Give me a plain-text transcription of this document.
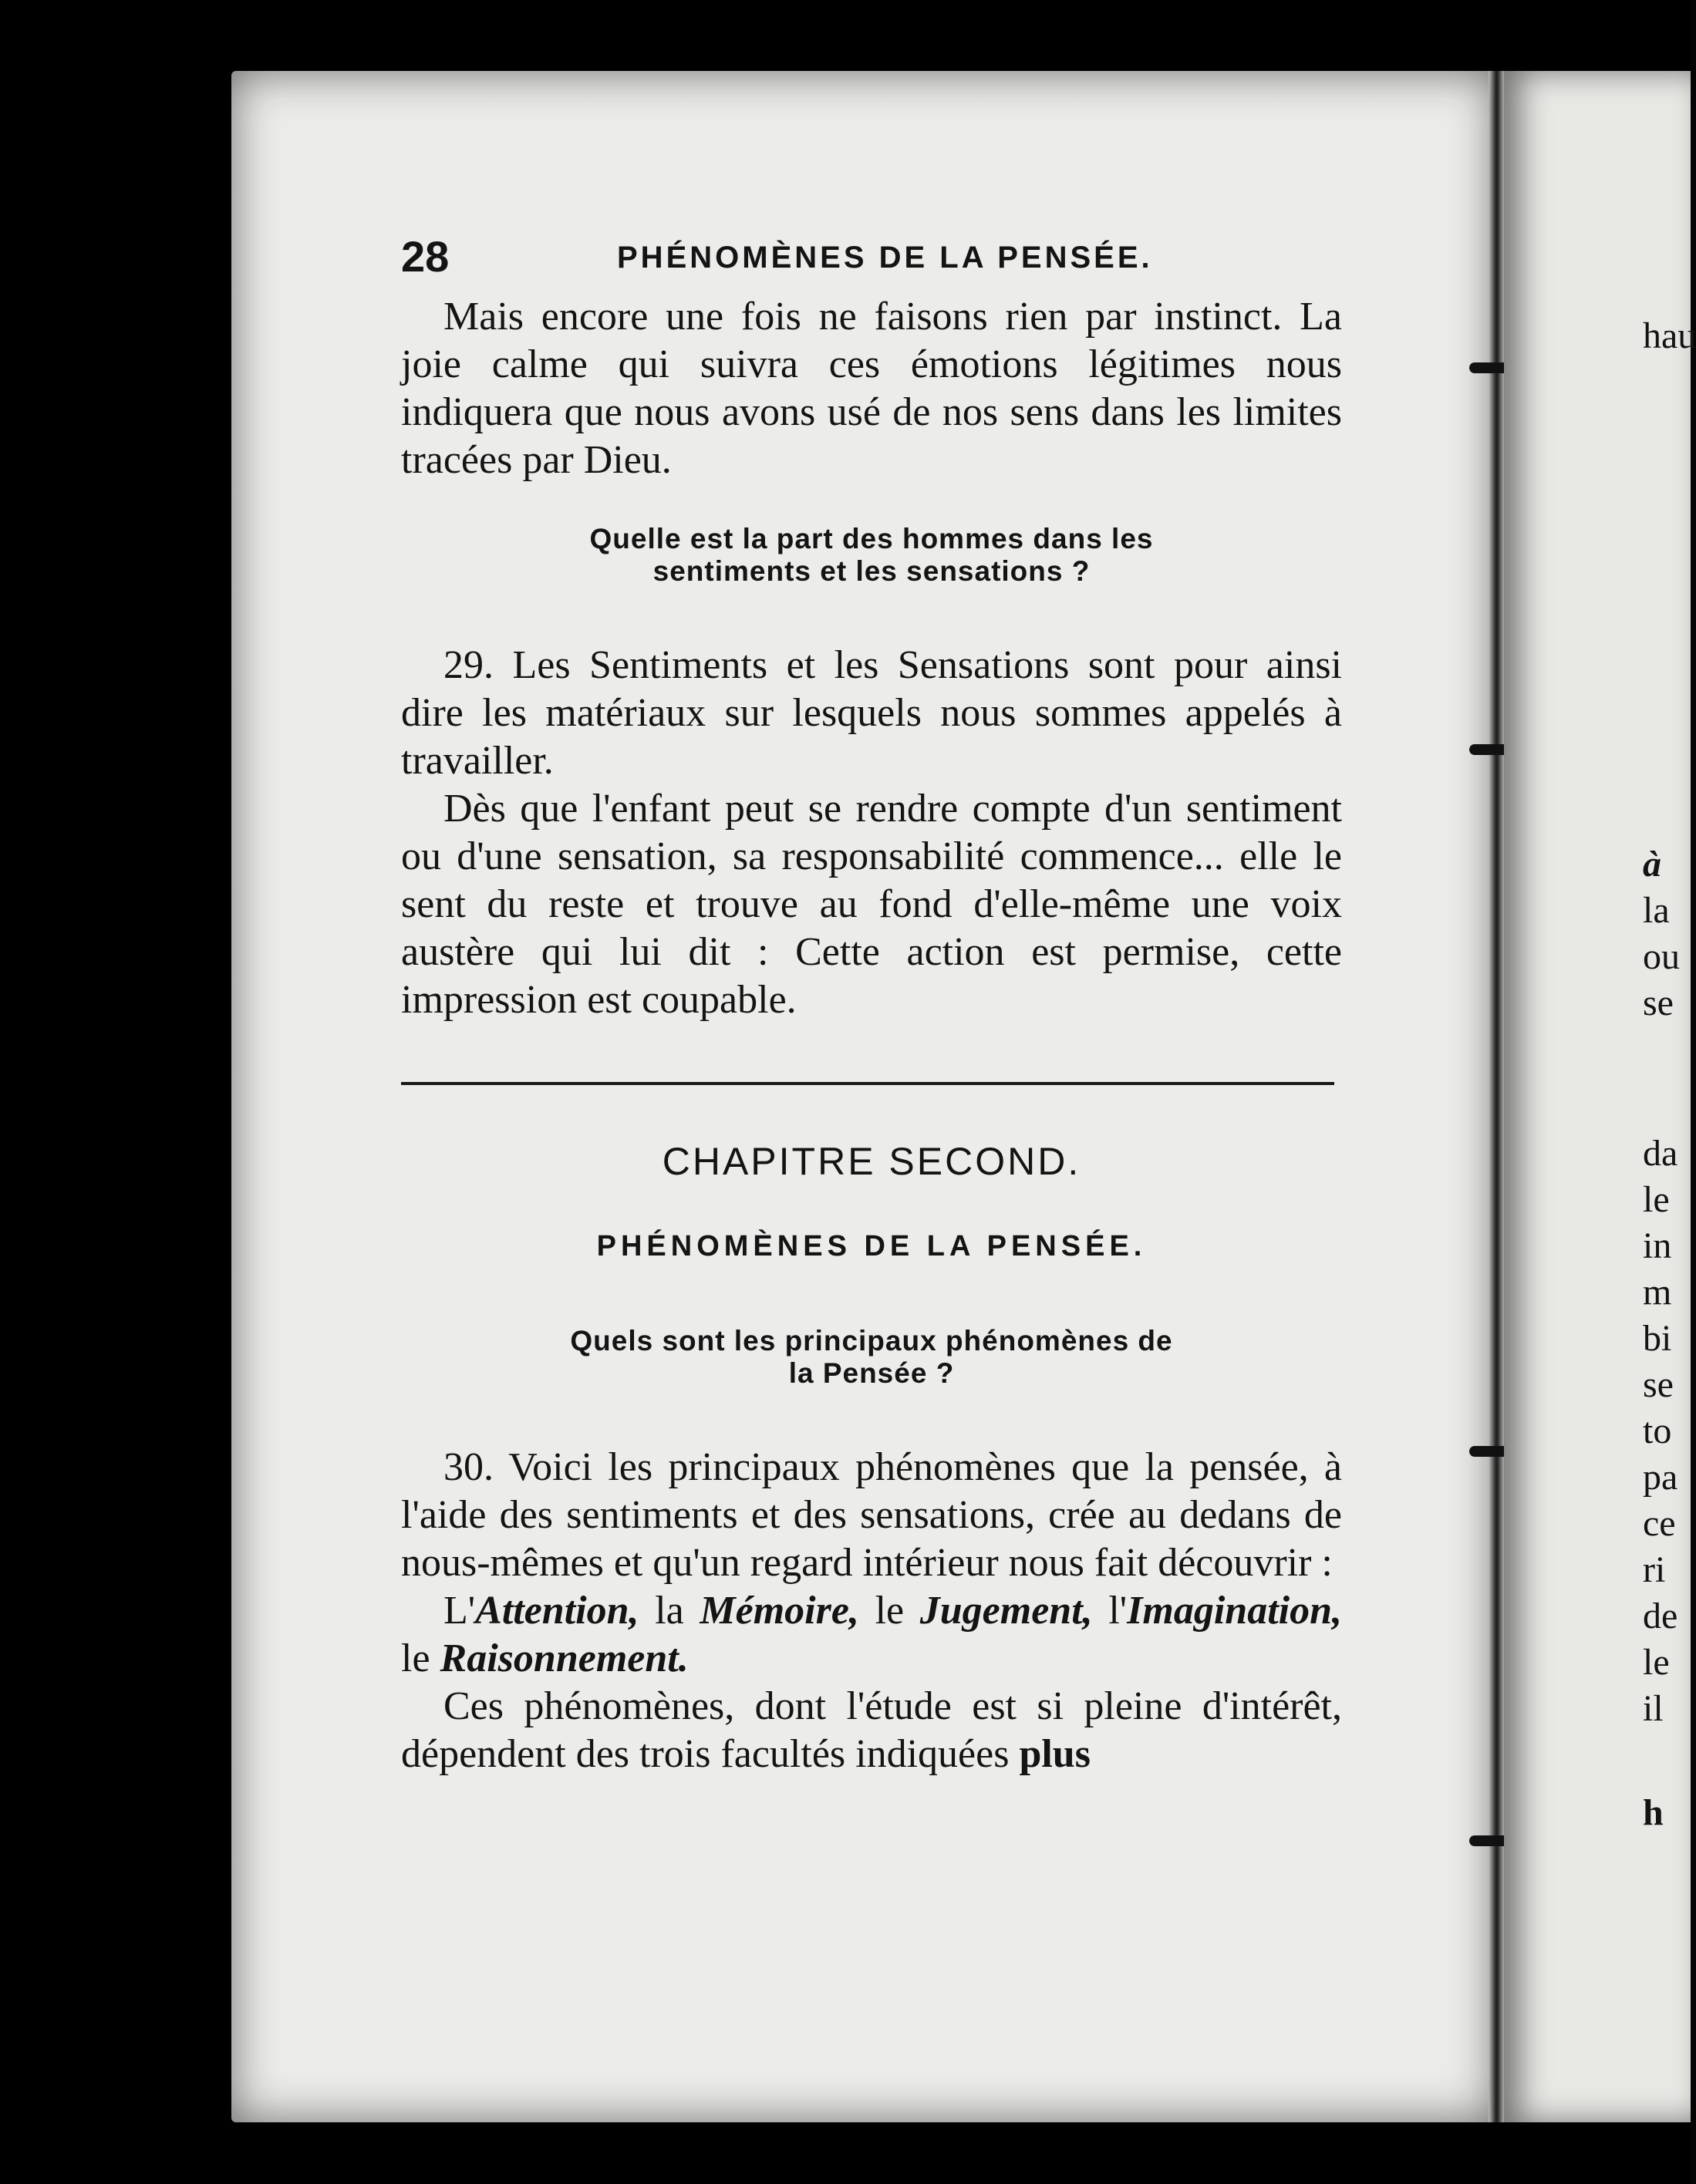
28	PHÉNOMÈNES DE LA PENSÉE.

Mais encore une fois ne faisons rien par instinct. La joie calme qui suivra ces émotions légitimes nous indiquera que nous avons usé de nos sens dans les limites tracées par Dieu.

Quelle est la part des hommes dans les
sentiments et les sensations ?

29. Les Sentiments et les Sensations sont pour ainsi dire les matériaux sur lesquels nous sommes appelés à travailler.

Dès que l'enfant peut se rendre compte d'un sentiment ou d'une sensation, sa responsabilité commence... elle le sent du reste et trouve au fond d'elle-même une voix austère qui lui dit : Cette action est permise, cette impression est coupable.

CHAPITRE SECOND.
PHÉNOMÈNES DE LA PENSÉE.
Quels sont les principaux phénomènes de
la Pensée ?

30. Voici les principaux phénomènes que la pensée, à l'aide des sentiments et des sensations, crée au dedans de nous-mêmes et qu'un regard intérieur nous fait découvrir :

L'Attention, la Mémoire, le Jugement, l'Imagination, le Raisonnement.

Ces phénomènes, dont l'étude est si pleine d'intérêt, dépendent des trois facultés indiquées plus

hau
à
la
ou
se
da
le
in
m
bi
se
to
pa
ce
ri
de
le
il
h
